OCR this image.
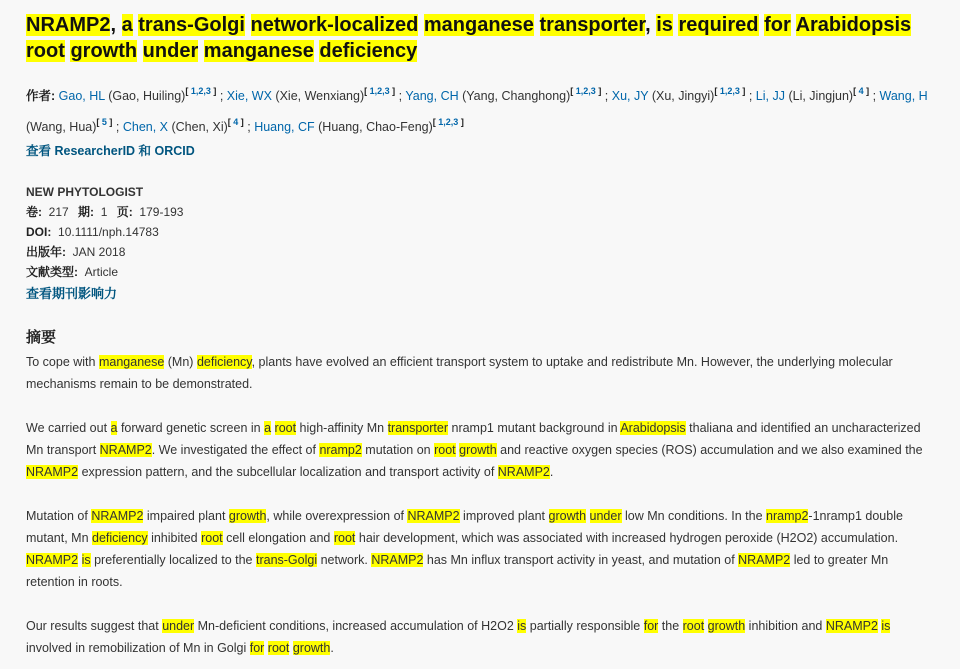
NRAMP2, a trans-Golgi network-localized manganese transporter, is required for Arabidopsis root growth under manganese deficiency
作者: Gao, HL (Gao, Huiling)[ 1,2,3 ] ; Xie, WX (Xie, Wenxiang)[ 1,2,3 ] ; Yang, CH (Yang, Changhong)[ 1,2,3 ] ; Xu, JY (Xu, Jingyi)[ 1,2,3 ] ; Li, JJ (Li, Jingjun)[ 4 ] ; Wang, H (Wang, Hua)[ 5 ] ; Chen, X (Chen, Xi)[ 4 ] ; Huang, CF (Huang, Chao-Feng)[ 1,2,3 ]
查看 ResearcherID 和 ORCID
NEW PHYTOLOGIST
卷: 217 期: 1 页: 179-193
DOI: 10.1111/nph.14783
出版年: JAN 2018
文献类型: Article
查看期刊影响力
摘要

To cope with manganese (Mn) deficiency, plants have evolved an efficient transport system to uptake and redistribute Mn. However, the underlying molecular mechanisms remain to be demonstrated.

We carried out a forward genetic screen in a root high-affinity Mn transporter nramp1 mutant background in Arabidopsis thaliana and identified an uncharacterized Mn transport NRAMP2. We investigated the effect of nramp2 mutation on root growth and reactive oxygen species (ROS) accumulation and we also examined the NRAMP2 expression pattern, and the subcellular localization and transport activity of NRAMP2.

Mutation of NRAMP2 impaired plant growth, while overexpression of NRAMP2 improved plant growth under low Mn conditions. In the nramp2-1nramp1 double mutant, Mn deficiency inhibited root cell elongation and root hair development, which was associated with increased hydrogen peroxide (H2O2) accumulation. NRAMP2 is preferentially localized to the trans-Golgi network. NRAMP2 has Mn influx transport activity in yeast, and mutation of NRAMP2 led to greater Mn retention in roots.

Our results suggest that under Mn-deficient conditions, increased accumulation of H2O2 is partially responsible for the root growth inhibition and NRAMP2 is involved in remobilization of Mn in Golgi for root growth.
